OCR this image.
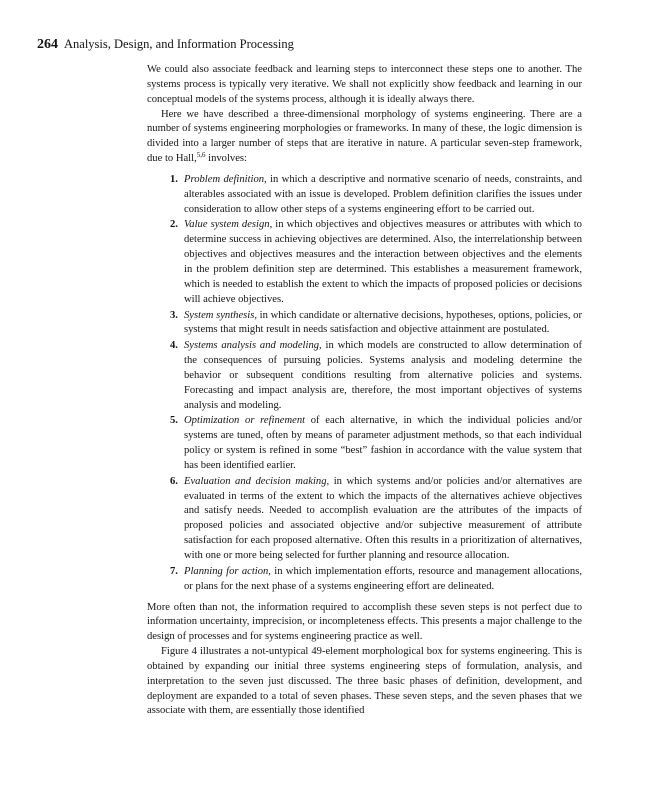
264 Analysis, Design, and Information Processing

We could also associate feedback and learning steps to interconnect these steps one to another. The systems process is typically very iterative. We shall not explicitly show feedback and learning in our conceptual models of the systems process, although it is ideally always there.

Here we have described a three-dimensional morphology of systems engineering. There are a number of systems engineering morphologies or frameworks. In many of these, the logic dimension is divided into a larger number of steps that are iterative in nature. A particular seven-step framework, due to Hall,$^{5,6}$ involves:

1. Problem definition, in which a descriptive and normative scenario of needs, constraints, and alterables associated with an issue is developed. Problem definition clarifies the issues under consideration to allow other steps of a systems engineering effort to be carried out.
2. Value system design, in which objectives and objectives measures or attributes with which to determine success in achieving objectives are determined. Also, the interrelationship between objectives and objectives measures and the interaction between objectives and the elements in the problem definition step are determined. This establishes a measurement framework, which is needed to establish the extent to which the impacts of proposed policies or decisions will achieve objectives.
3. System synthesis, in which candidate or alternative decisions, hypotheses, options, policies, or systems that might result in needs satisfaction and objective attainment are postulated.
4. Systems analysis and modeling, in which models are constructed to allow determination of the consequences of pursuing policies. Systems analysis and modeling determine the behavior or subsequent conditions resulting from alternative policies and systems. Forecasting and impact analysis are, therefore, the most important objectives of systems analysis and modeling.
5. Optimization or refinement of each alternative, in which the individual policies and/or systems are tuned, often by means of parameter adjustment methods, so that each individual policy or system is refined in some “best” fashion in accordance with the value system that has been identified earlier.
6. Evaluation and decision making, in which systems and/or policies and/or alternatives are evaluated in terms of the extent to which the impacts of the alternatives achieve objectives and satisfy needs. Needed to accomplish evaluation are the attributes of the impacts of proposed policies and associated objective and/or subjective measurement of attribute satisfaction for each proposed alternative. Often this results in a prioritization of alternatives, with one or more being selected for further planning and resource allocation.
7. Planning for action, in which implementation efforts, resource and management allocations, or plans for the next phase of a systems engineering effort are delineated.

More often than not, the information required to accomplish these seven steps is not perfect due to information uncertainty, imprecision, or incompleteness effects. This presents a major challenge to the design of processes and for systems engineering practice as well.

Figure 4 illustrates a not-untypical 49-element morphological box for systems engineering. This is obtained by expanding our initial three systems engineering steps of formulation, analysis, and interpretation to the seven just discussed. The three basic phases of definition, development, and deployment are expanded to a total of seven phases. These seven steps, and the seven phases that we associate with them, are essentially those identified
